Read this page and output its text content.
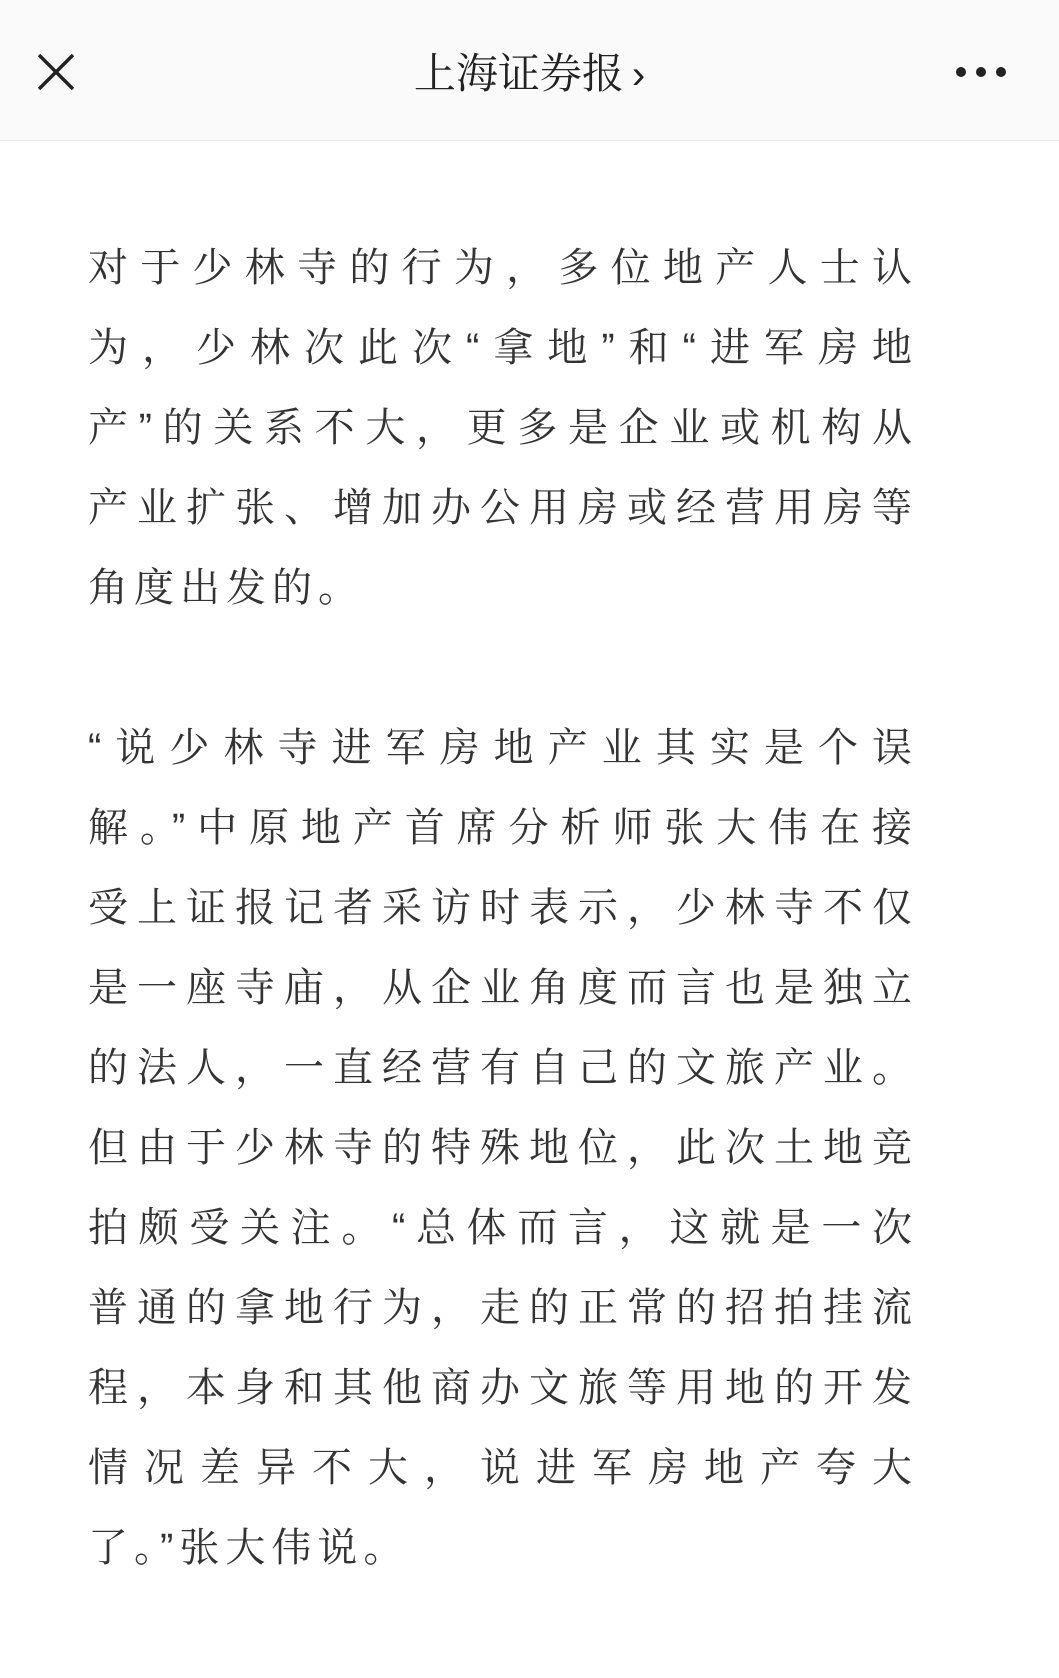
上海证券报 ›
对于少林寺的行为，多位地产人士认
为，少林次此次“拿地”和“进军房地
产”的关系不大，更多是企业或机构从
产业扩张、增加办公用房或经营用房等
角度出发的。
“说少林寺进军房地产业其实是个误
解。”中原地产首席分析师张大伟在接
受上证报记者采访时表示，少林寺不仅
是一座寺庙，从企业角度而言也是独立
的法人，一直经营有自己的文旅产业。
但由于少林寺的特殊地位，此次土地竞
拍颇受关注。“总体而言，这就是一次
普通的拿地行为，走的正常的招拍挂流
程，本身和其他商办文旅等用地的开发
情况差异不大，说进军房地产夸大
了。”张大伟说。
